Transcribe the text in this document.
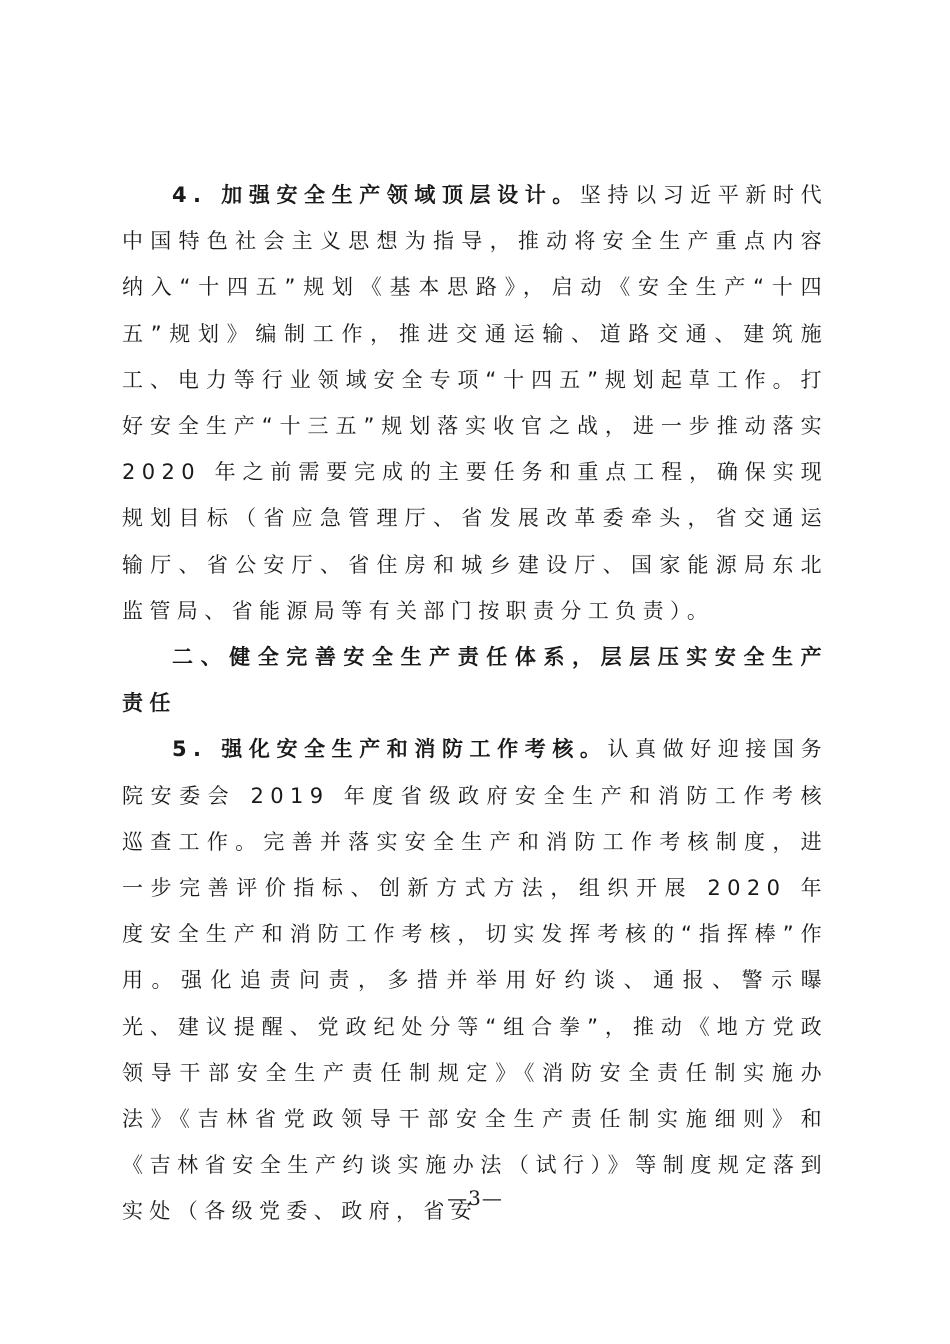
4. 加强安全生产领域顶层设计。坚持以习近平新时代中国特色社会主义思想为指导，推动将安全生产重点内容纳入“十四五”规划《基本思路》，启动《安全生产“十四五”规划》编制工作，推进交通运输、道路交通、建筑施工、电力等行业领域安全专项“十四五”规划起草工作。打好安全生产“十三五”规划落实收官之战，进一步推动落实 2020 年之前需要完成的主要任务和重点工程，确保实现规划目标（省应急管理厅、省发展改革委牵头，省交通运输厅、省公安厅、省住房和城乡建设厅、国家能源局东北监管局、省能源局等有关部门按职责分工负责）。

二、健全完善安全生产责任体系，层层压实安全生产责任

5. 强化安全生产和消防工作考核。认真做好迎接国务院安委会 2019 年度省级政府安全生产和消防工作考核巡查工作。完善并落实安全生产和消防工作考核制度，进一步完善评价指标、创新方式方法，组织开展 2020 年度安全生产和消防工作考核，切实发挥考核的“指挥棒”作用。强化追责问责，多措并举用好约谈、通报、警示曝光、建议提醒、党政纪处分等“组合拳”，推动《地方党政领导干部安全生产责任制规定》《消防安全责任制实施办法》《吉林省党政领导干部安全生产责任制实施细则》和《吉林省安全生产约谈实施办法（试行）》等制度规定落到实处（各级党委、政府，省安

—3—
